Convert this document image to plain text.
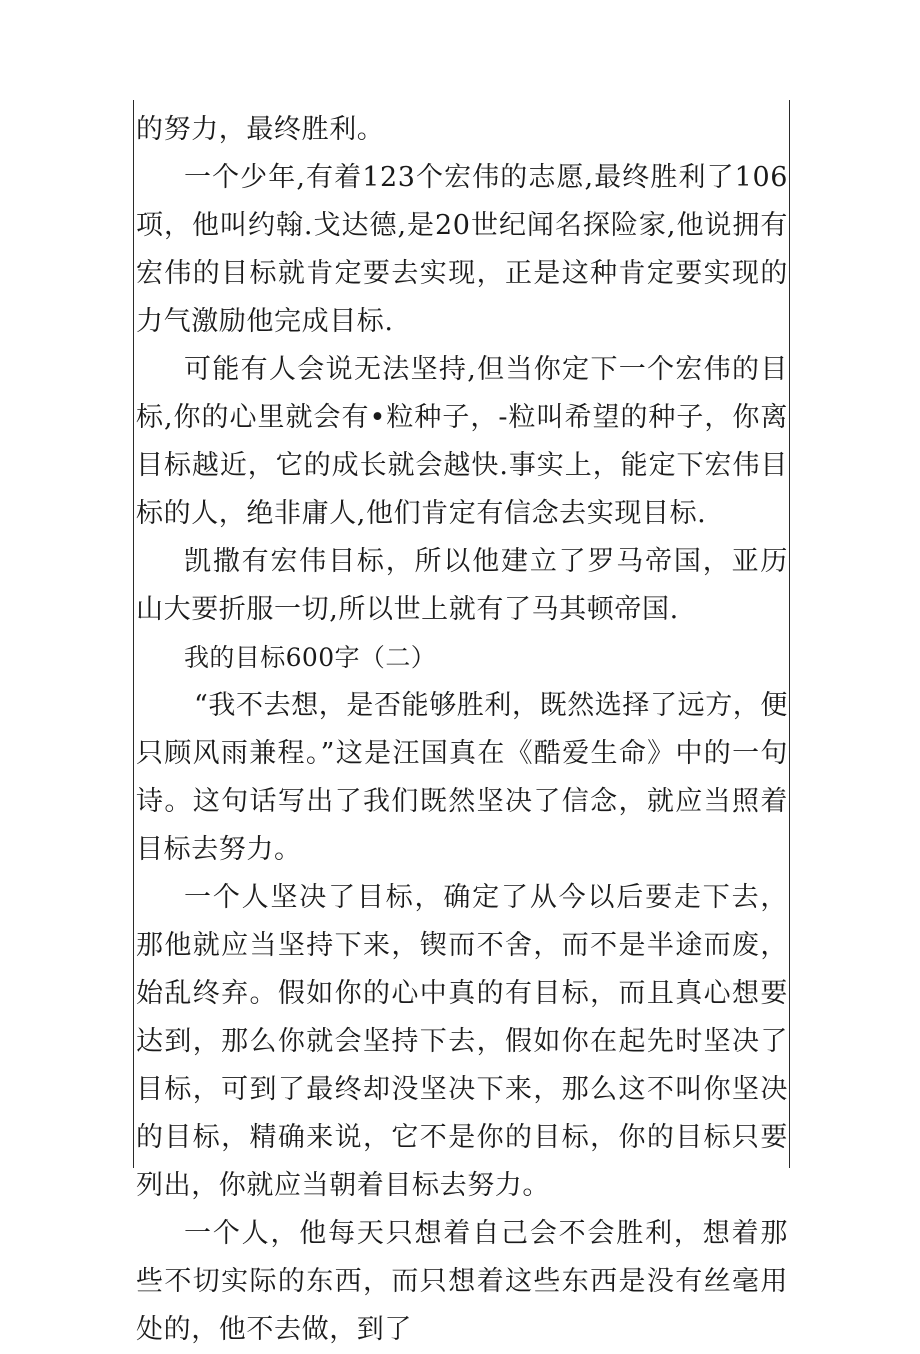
的努力，最终胜利。

一个少年,有着123个宏伟的志愿,最终胜利了106项，他叫约翰.戈达德,是20世纪闻名探险家,他说拥有宏伟的目标就肯定要去实现，正是这种肯定要实现的力气激励他完成目标.

可能有人会说无法坚持,但当你定下一个宏伟的目标,你的心里就会有•粒种子，-粒叫希望的种子，你离目标越近，它的成长就会越快.事实上，能定下宏伟目标的人，绝非庸人,他们肯定有信念去实现目标.

凯撒有宏伟目标，所以他建立了罗马帝国，亚历山大要折服一切,所以世上就有了马其顿帝国.

我的目标600字（二）

“我不去想，是否能够胜利，既然选择了远方，便只顾风雨兼程。”这是汪国真在《酷爱生命》中的一句诗。这句话写出了我们既然坚决了信念，就应当照着目标去努力。

一个人坚决了目标，确定了从今以后要走下去，那他就应当坚持下来，锲而不舍，而不是半途而废，始乱终弃。假如你的心中真的有目标，而且真心想要达到，那么你就会坚持下去，假如你在起先时坚决了目标，可到了最终却没坚决下来，那么这不叫你坚决的目标，精确来说，它不是你的目标，你的目标只要列出，你就应当朝着目标去努力。

一个人，他每天只想着自己会不会胜利，想着那些不切实际的东西，而只想着这些东西是没有丝毫用处的，他不去做，到了
